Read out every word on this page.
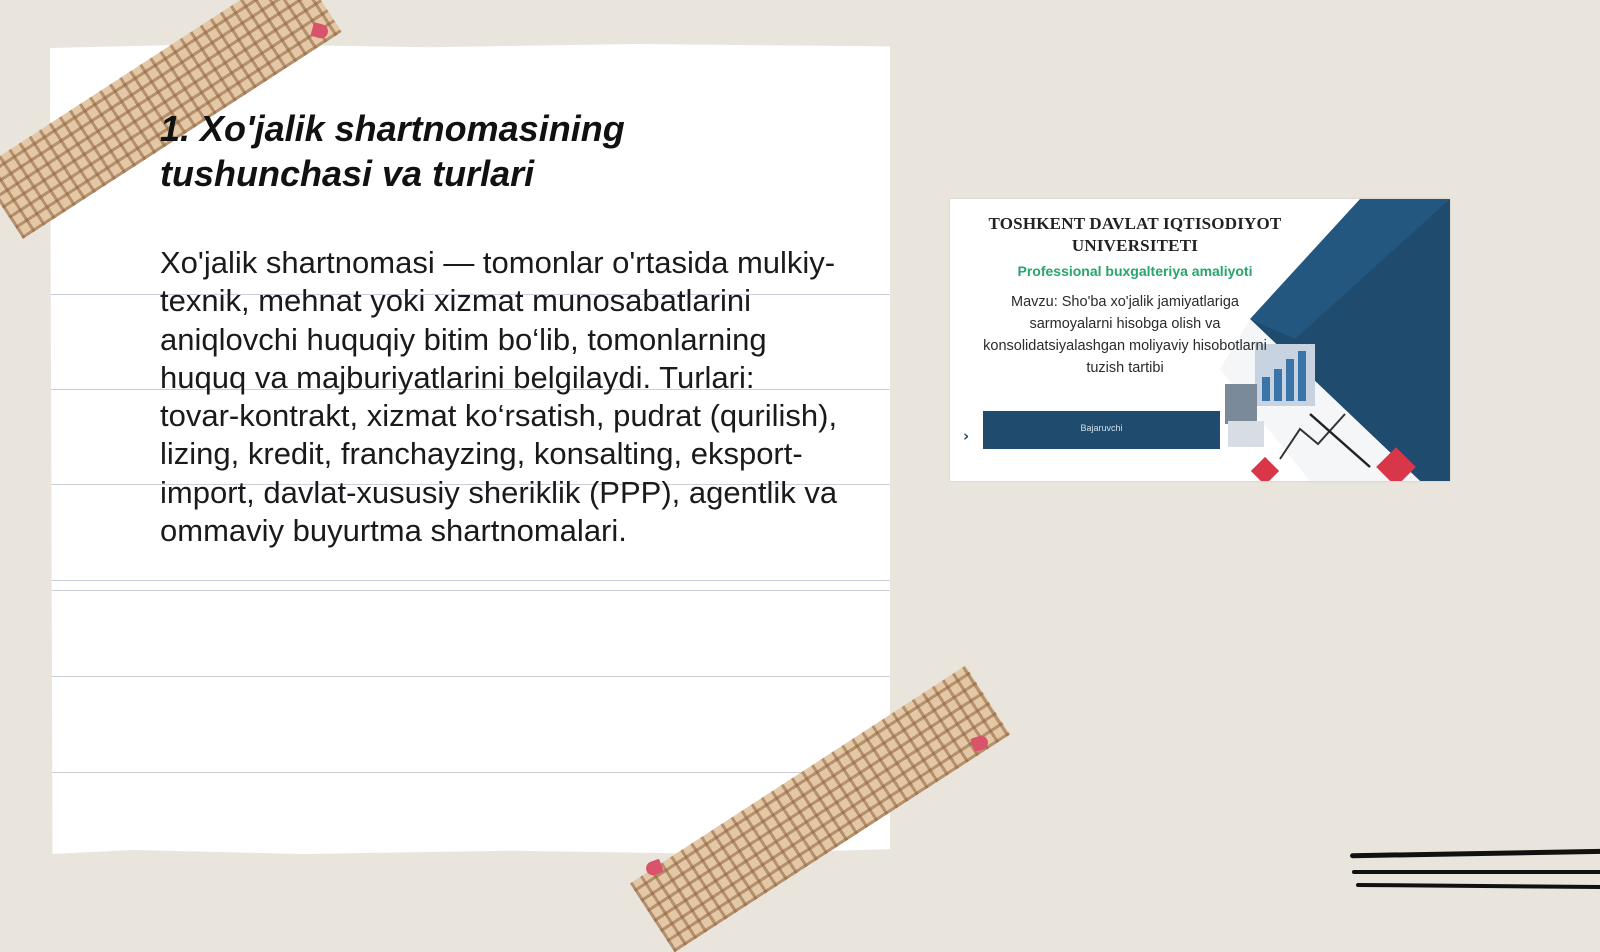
1. Xo'jalik shartnomasining tushunchasi va turlari

Xo'jalik shartnomasi — tomonlar o'rtasida mulkiy-texnik, mehnat yoki xizmat munosabatlarini aniqlovchi huquqiy bitim bo‘lib, tomonlarning huquq va majburiyatlarini belgilaydi. Turlari: tovar-kontrakt, xizmat ko‘rsatish, pudrat (qurilish), lizing, kredit, franchayzing, konsalting, eksport-import, davlat-xususiy sheriklik (PPP), agentlik va ommaviy buyurtma shartnomalari.

TOSHKENT DAVLAT IQTISODIYOT UNIVERSITETI
Professional buxgalteriya amaliyoti
Mavzu: Sho'ba xo'jalik jamiyatlariga sarmoyalarni hisobga olish va konsolidatsiyalashgan moliyaviy hisobotlarni tuzish tartibi
Bajaruvchi
›
